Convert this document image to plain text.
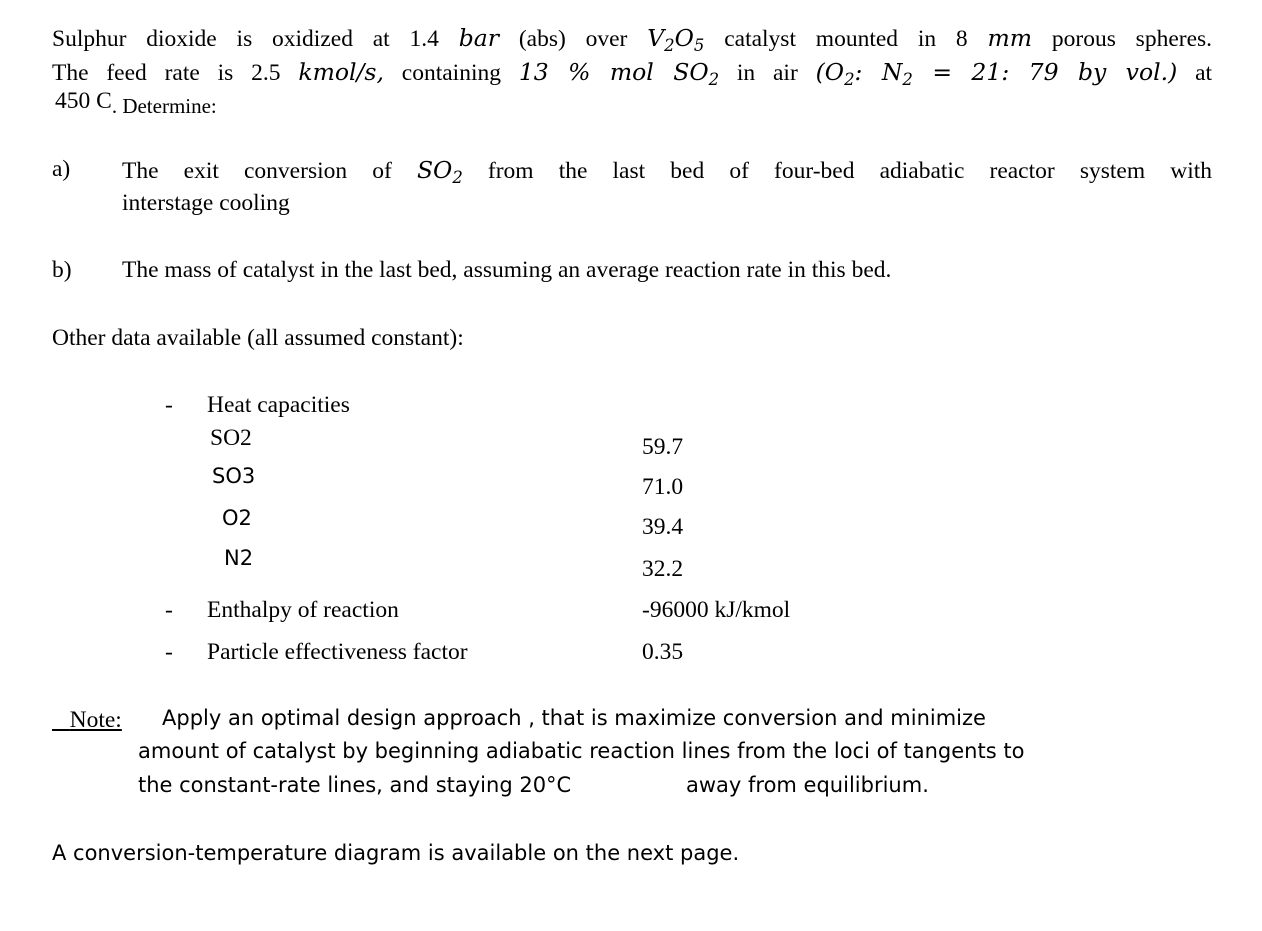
Sulphur dioxide is oxidized at 1.4 bar (abs) over $V_2O_5$ catalyst mounted in 8 mm porous spheres.
The feed rate is 2.5 kmol/s, containing 13 % mol $SO_2$ in air ($O_2$: $N_2 = 21$: 79 by vol.) at
450 C. Determine:
a) The exit conversion of $SO_2$ from the last bed of four-bed adiabatic reactor system with
interstage cooling
b) The mass of catalyst in the last bed, assuming an average reaction rate in this bed.
Other data available (all assumed constant):
- Heat capacities
SO2	59.7
SO3	71.0
O2	39.4
N2	32.2
- Enthalpy of reaction	-96000 kJ/kmol
- Particle effectiveness factor	0.35
Note: Apply an optimal design approach , that is maximize conversion and minimize
amount of catalyst by beginning adiabatic reaction lines from the loci of tangents to
the constant-rate lines, and staying 20°C	away from equilibrium.
A conversion-temperature diagram is available on the next page.
